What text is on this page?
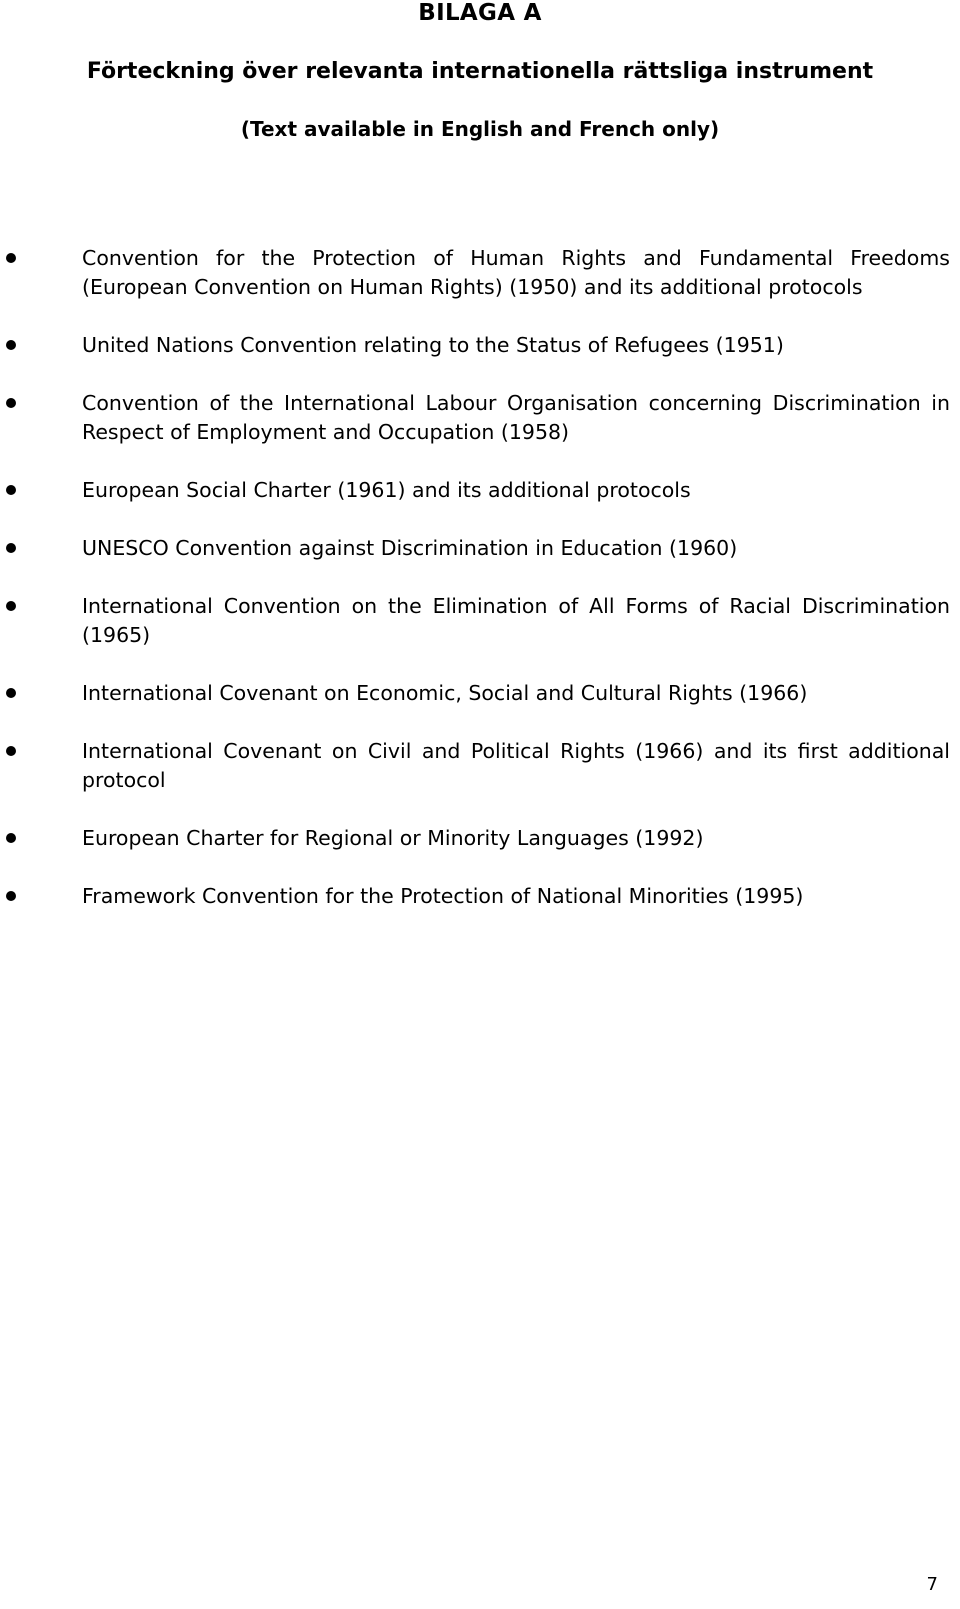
BILAGA A
Förteckning över relevanta internationella rättsliga instrument
(Text available in English and French only)
Convention for the Protection of Human Rights and Fundamental Freedoms (European Convention on Human Rights) (1950) and its additional protocols
United Nations Convention relating to the Status of Refugees (1951)
Convention of the International Labour Organisation concerning Discrimination in Respect of Employment and Occupation (1958)
European Social Charter (1961) and its additional protocols
UNESCO Convention against Discrimination in Education (1960)
International Convention on the Elimination of All Forms of Racial Discrimination (1965)
International Covenant on Economic, Social and Cultural Rights (1966)
International Covenant on Civil and Political Rights (1966) and its first additional protocol
European Charter for Regional or Minority Languages (1992)
Framework Convention for the Protection of National Minorities (1995)
7
